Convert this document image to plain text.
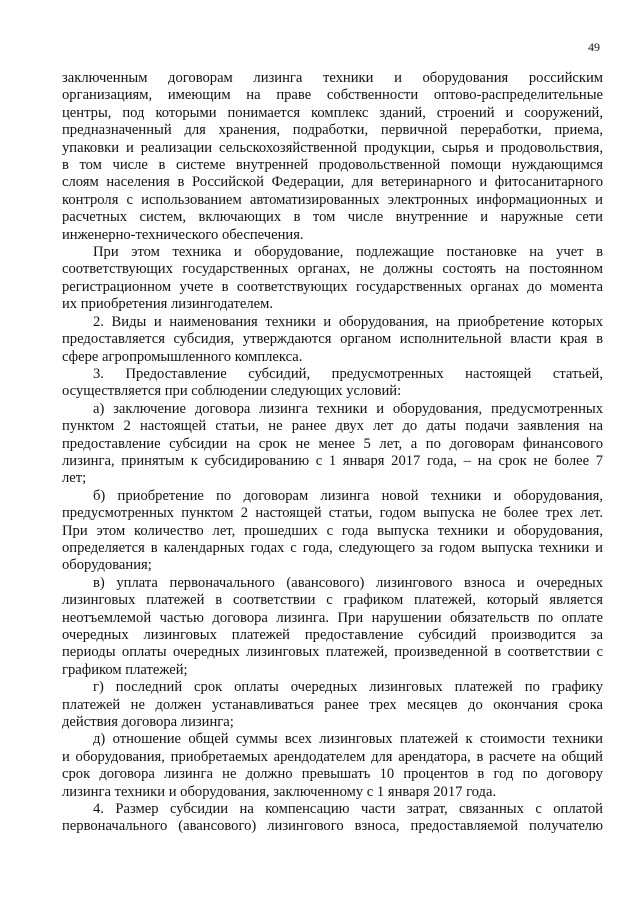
49
заключенным договорам лизинга техники и оборудования российским
организациям, имеющим на праве собственности оптово-распределительные
центры, под которыми понимается комплекс зданий, строений и сооружений,
предназначенный для хранения, подработки, первичной переработки, приема,
упаковки и реализации сельскохозяйственной продукции, сырья и продовольствия,
в том числе в системе внутренней продовольственной помощи нуждающимся
слоям населения в Российской Федерации, для ветеринарного и фитосанитарного
контроля с использованием автоматизированных электронных информационных и
расчетных систем, включающих в том числе внутренние и наружные сети
инженерно-технического обеспечения.
При этом техника и оборудование, подлежащие постановке на учет в
соответствующих государственных органах, не должны состоять на постоянном
регистрационном учете в соответствующих государственных органах до момента
их приобретения лизингодателем.
2. Виды и наименования техники и оборудования, на приобретение которых
предоставляется субсидия, утверждаются органом исполнительной власти края в
сфере агропромышленного комплекса.
3. Предоставление субсидий, предусмотренных настоящей статьей,
осуществляется при соблюдении следующих условий:
а) заключение договора лизинга техники и оборудования, предусмотренных
пунктом 2 настоящей статьи, не ранее двух лет до даты подачи заявления на
предоставление субсидии на срок не менее 5 лет, а по договорам финансового
лизинга, принятым к субсидированию с 1 января 2017 года, – на срок не более 7
лет;
б) приобретение по договорам лизинга новой техники и оборудования,
предусмотренных пунктом 2 настоящей статьи, годом выпуска не более трех лет.
При этом количество лет, прошедших с года выпуска техники и оборудования,
определяется в календарных годах с года, следующего за годом выпуска техники и
оборудования;
в) уплата первоначального (авансового) лизингового взноса и очередных
лизинговых платежей в соответствии с графиком платежей, который является
неотъемлемой частью договора лизинга. При нарушении обязательств по оплате
очередных лизинговых платежей предоставление субсидий производится за
периоды оплаты очередных лизинговых платежей, произведенной в соответствии с
графиком платежей;
г) последний срок оплаты очередных лизинговых платежей по графику
платежей не должен устанавливаться ранее трех месяцев до окончания срока
действия договора лизинга;
д) отношение общей суммы всех лизинговых платежей к стоимости техники
и оборудования, приобретаемых арендодателем для арендатора, в расчете на общий
срок договора лизинга не должно превышать 10 процентов в год по договору
лизинга техники и оборудования, заключенному с 1 января 2017 года.
4. Размер субсидии на компенсацию части затрат, связанных с оплатой
первоначального (авансового) лизингового взноса, предоставляемой получателю
